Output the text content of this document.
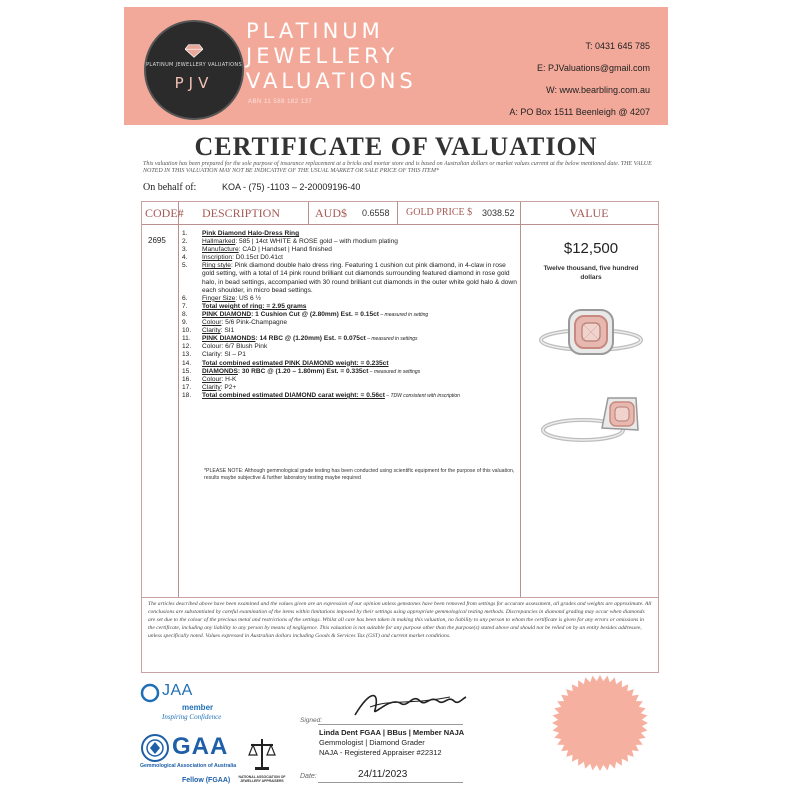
PLATINUM JEWELLERY VALUATIONS
PJV
PLATINUM
JEWELLERY
VALUATIONS
ABN 11 588 182 137
T: 0431 645 785
E: PJValuations@gmail.com
W: www.bearbling.com.au
A: PO Box 1511 Beenleigh @ 4207
CERTIFICATE OF VALUATION
This valuation has been prepared for the sole purpose of insurance replacement at a bricks and mortar store and is based on Australian dollars or market values current at the below mentioned date. THE VALUE NOTED IN THIS VALUATION MAY NOT BE INDICATIVE OF THE USUAL MARKET OR SALE PRICE OF THIS ITEM*
On behalf of:	KOA - (75) -1103 – 2-20009196-40
CODE# DESCRIPTION	AUD$ 0.6558 GOLD PRICE $ 3038.52	VALUE
2695
1. Pink Diamond Halo-Dress Ring
2. Hallmarked: 585 | 14ct WHITE & ROSE gold – with rhodium plating
3. Manufacture: CAD | Handset | Hand finished
4. Inscription: D0.15ct D0.41ct
5. Ring style: Pink diamond double halo dress ring. Featuring 1 cushion cut pink diamond, in 4-claw in rose gold setting, with a total of 14 pink round brilliant cut diamonds surrounding featured diamond in rose gold halo, in bead settings, accompanied with 30 round brilliant cut diamonds in the outer white gold halo & down each shoulder, in micro bead settings.
6. Finger Size: US 6 ½
7. Total weight of ring: = 2.95 grams
8. PINK DIAMOND: 1 Cushion Cut @ (2.80mm) Est. = 0.15ct – measured in setting
9. Colour: 5/6 Pink-Champagne
10. Clarity: SI1
11. PINK DIAMONDS: 14 RBC @ (1.20mm) Est. = 0.075ct – measured in settings
12. Colour: 6/7 Blush Pink
13. Clarity: SI – P1
14. Total combined estimated PINK DIAMOND weight: = 0.235ct
15. DIAMONDS: 30 RBC @ (1.20 – 1.80mm) Est. = 0.335ct – measured in settings
16. Colour: H-K
17. Clarity: P2+
18. Total combined estimated DIAMOND carat weight: = 0.56ct – TDW consistent with inscription
*PLEASE NOTE: Although gemmological grade testing has been conducted using scientific equipment for the purpose of this valuation, results maybe subjective & further laboratory testing maybe required
$12,500
Twelve thousand, five hundred dollars

The articles described above have been examined and the values given are an expression of our opinion unless gemstones have been removed from settings for accurate assessment, all grades and weights are approximate. All conclusions are substantiated by careful examination of the items within limitations imposed by their settings using appropriate gemmological testing methods. Discrepancies in diamond grading may occur when diamonds are set due to the colour of the precious metal and restrictions of the settings. Whilst all care has been taken in making this valuation, no liability to any person to whom the certificate is given for any errors or omissions in the certificate, including any liability to any person by means of negligence. This valuation is not suitable for any purpose other than the purpose(s) stated above and should not be relied on by an entity besides addressee, unless specifically noted. Values expressed in Australian dollars including Goods & Services Tax (GST) and current market conditions.

JAA
member
Inspiring Confidence
GAA
Gemmological Association of Australia
Fellow (FGAA) NATIONAL ASSOCIATION OF JEWELLERY APPRAISERS
Signed:
Linda Dent FGAA | BBus | Member NAJA
Gemmologist | Diamond Grader
NAJA - Registered Appraiser #22312
Date:	24/11/2023
